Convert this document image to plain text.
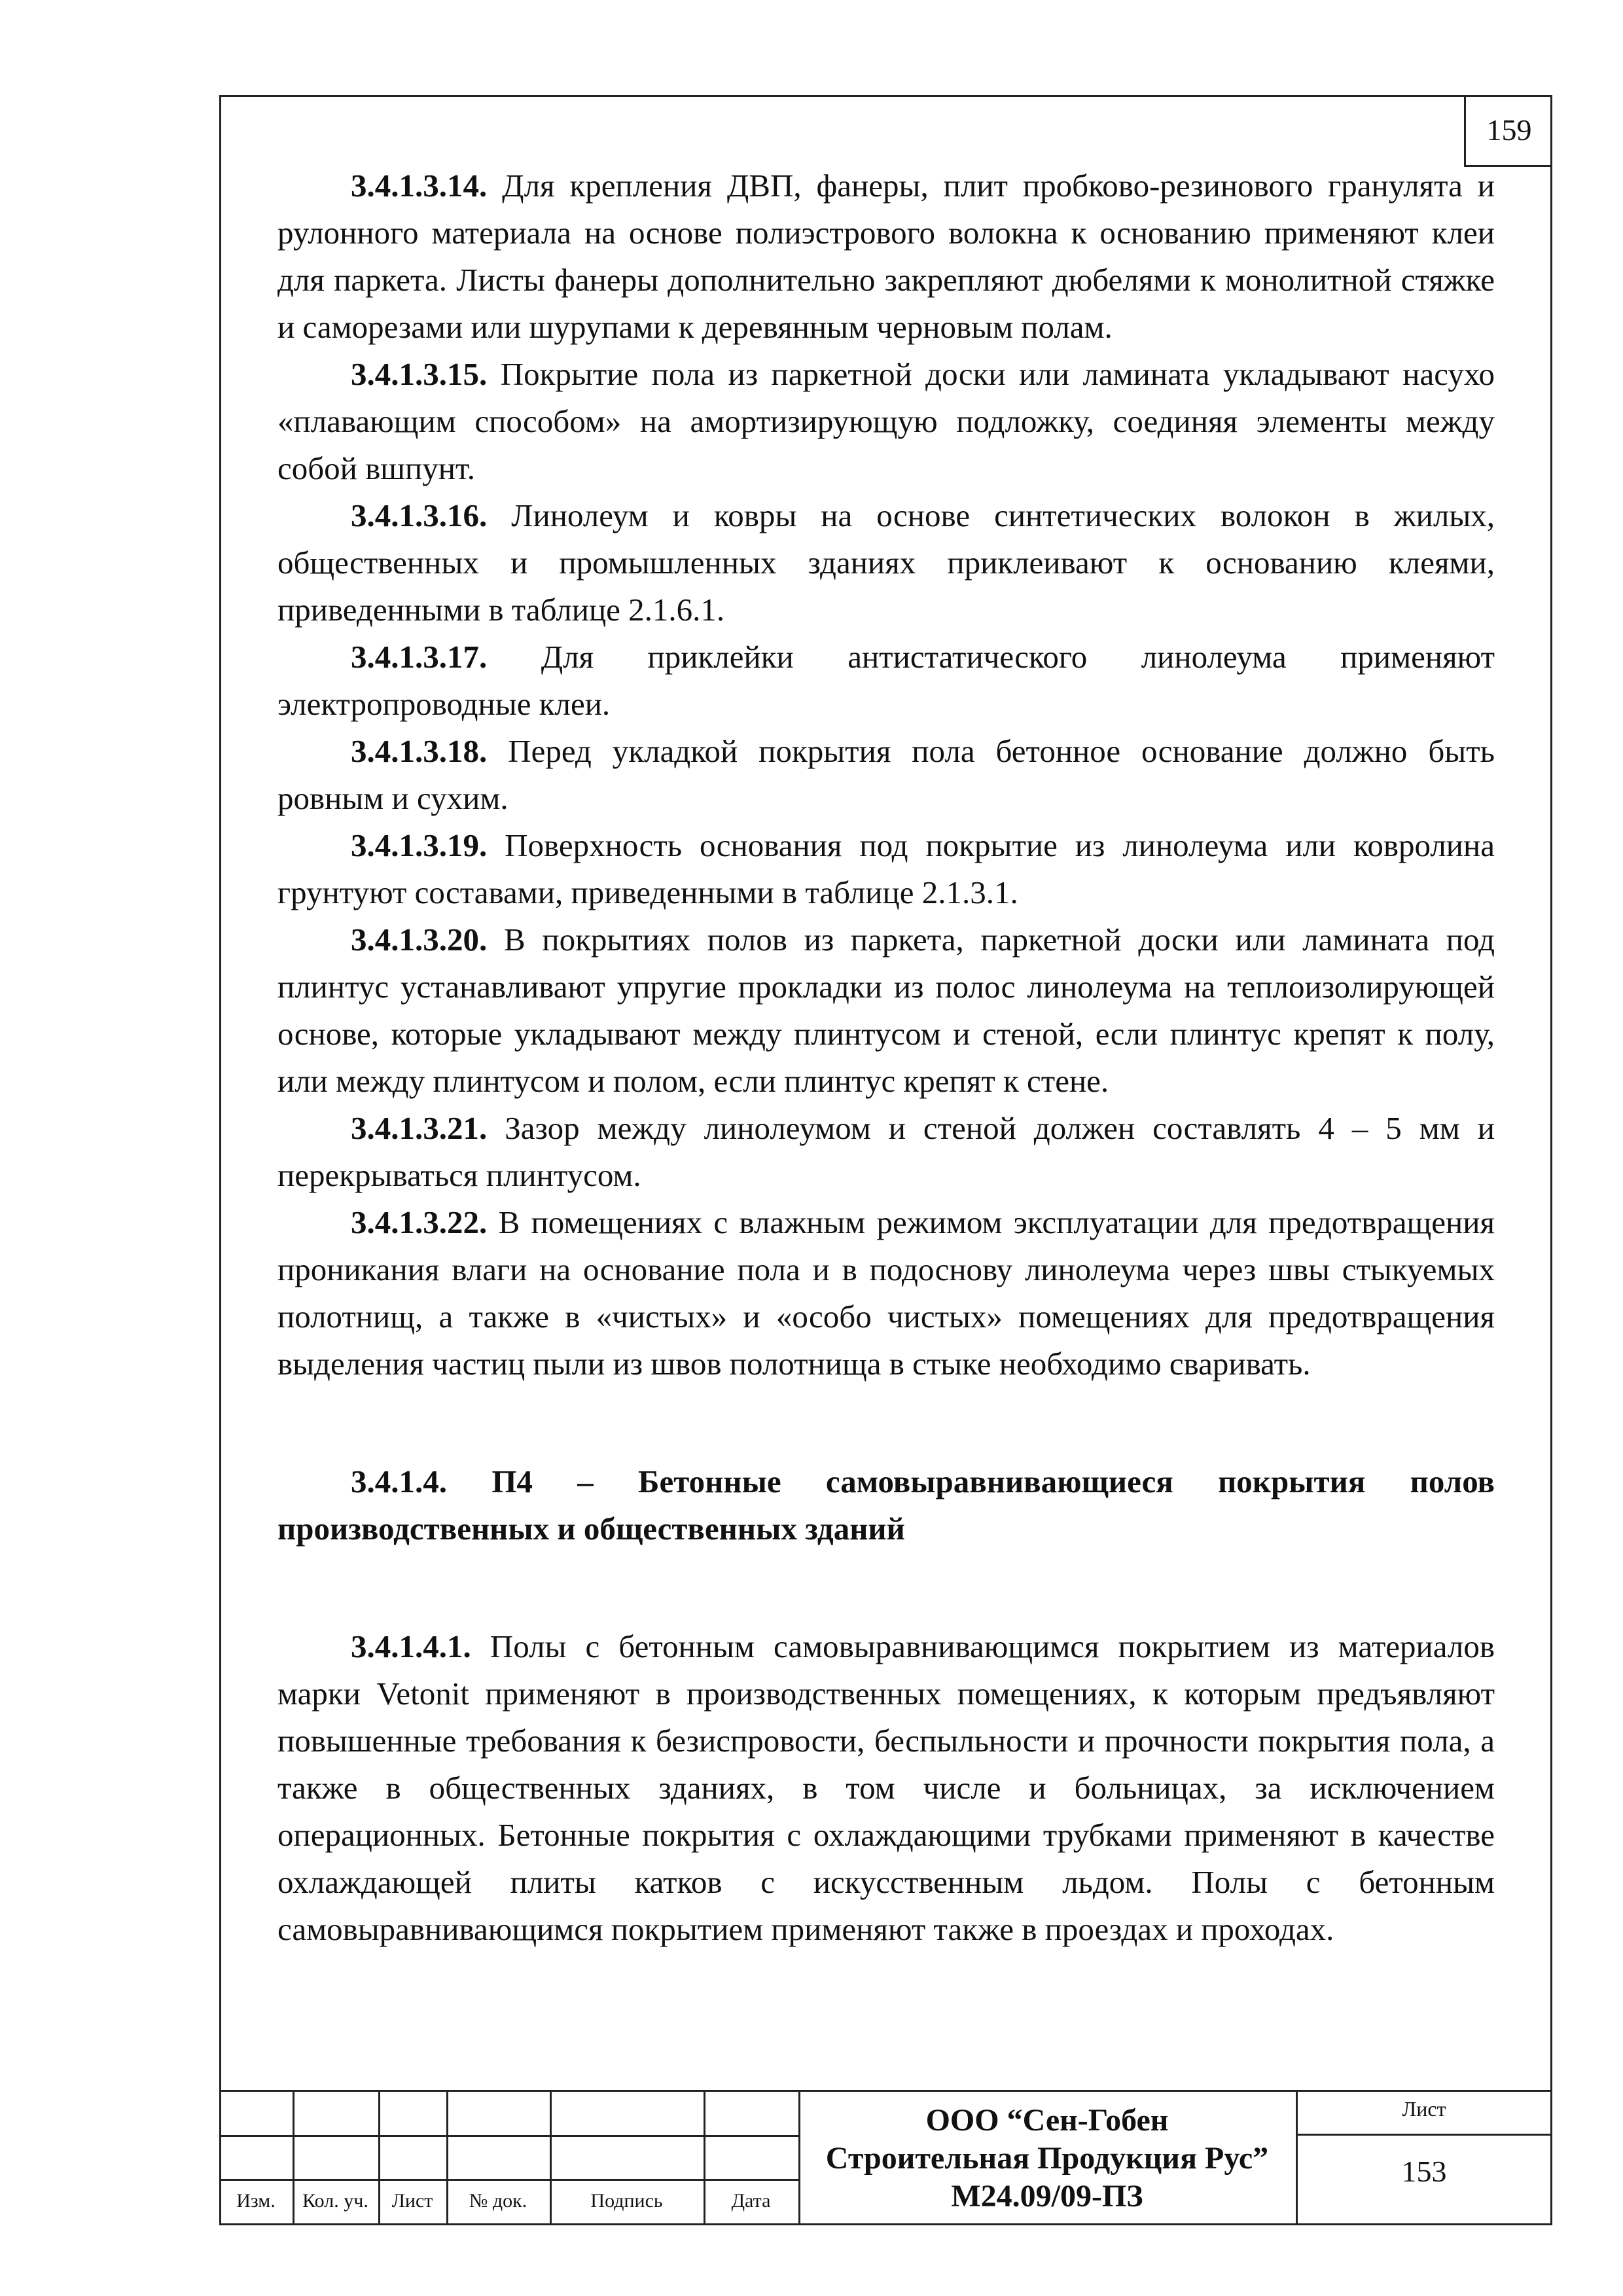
159

3.4.1.3.14. Для крепления ДВП, фанеры, плит пробково-резинового гранулята и рулонного материала на основе полиэстрового волокна к основанию применяют клеи для паркета. Листы фанеры дополнительно закрепляют дюбелями к монолитной стяжке и саморезами или шурупами к деревянным черновым полам.

3.4.1.3.15. Покрытие пола из паркетной доски или ламината укладывают насухо «плавающим способом» на амортизирующую подложку, соединяя элементы между собой вшпунт.

3.4.1.3.16. Линолеум и ковры на основе синтетических волокон в жилых, общественных и промышленных зданиях приклеивают к основанию клеями, приведенными в таблице 2.1.6.1.

3.4.1.3.17. Для приклейки антистатического линолеума применяют электропроводные клеи.

3.4.1.3.18. Перед укладкой покрытия пола бетонное основание должно быть ровным и сухим.

3.4.1.3.19. Поверхность основания под покрытие из линолеума или ковролина грунтуют составами, приведенными в таблице 2.1.3.1.

3.4.1.3.20. В покрытиях полов из паркета, паркетной доски или ламината под плинтус устанавливают упругие прокладки из полос линолеума на теплоизолирующей основе, которые укладывают между плинтусом и стеной, если плинтус крепят к полу, или между плинтусом и полом, если плинтус крепят к стене.

3.4.1.3.21. Зазор между линолеумом и стеной должен составлять 4 – 5 мм и перекрываться плинтусом.

3.4.1.3.22. В помещениях с влажным режимом эксплуатации для предотвращения проникания влаги на основание пола и в подоснову линолеума через швы стыкуемых полотнищ, а также в «чистых» и «особо чистых» помещениях для предотвращения выделения частиц пыли из швов полотнища в стыке необходимо сваривать.

3.4.1.4. П4 – Бетонные самовыравнивающиеся покрытия полов производственных и общественных зданий

3.4.1.4.1. Полы с бетонным самовыравнивающимся покрытием из материалов марки Vetonit применяют в производственных помещениях, к которым предъявляют повышенные требования к безиспровости, беспыльности и прочности покрытия пола, а также в общественных зданиях, в том числе и больницах, за исключением операционных. Бетонные покрытия с охлаждающими трубками применяют в качестве охлаждающей плиты катков с искусственным льдом. Полы с бетонным самовыравнивающимся покрытием применяют также в проездах и проходах.

Изм.	Кол. уч.	Лист	№ док.	Подпись	Дата
ООО “Сен-Гобен
Строительная Продукция Рус”
М24.09/09-ПЗ
Лист
153
